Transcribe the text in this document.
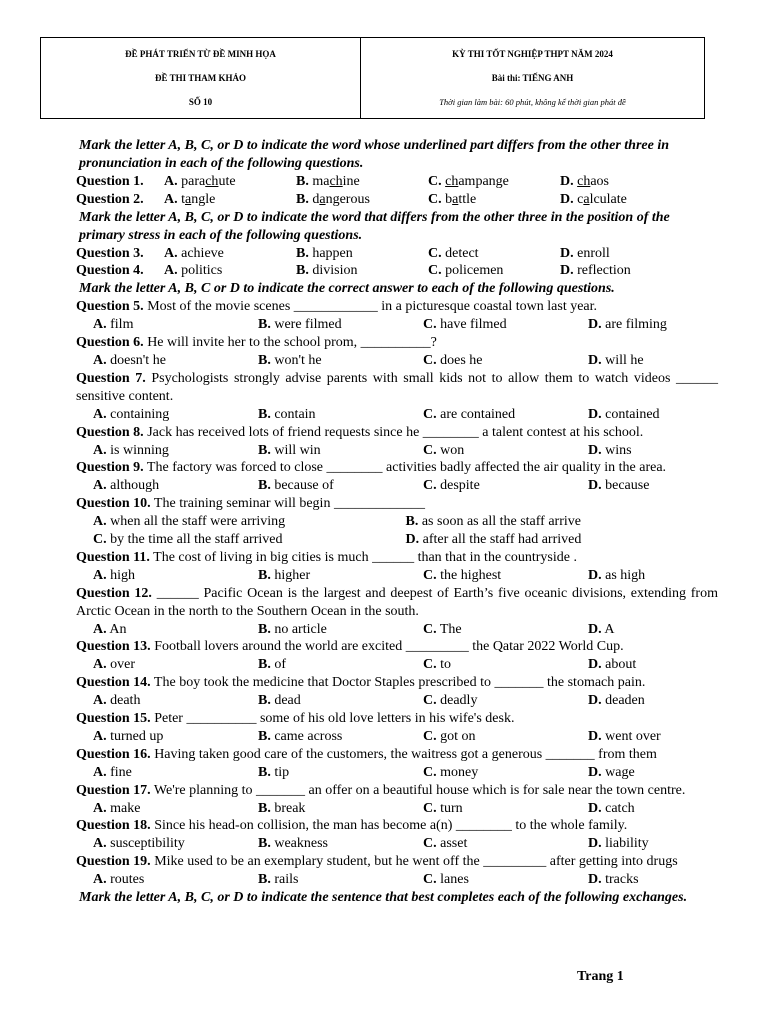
ĐỀ PHÁT TRIỂN TỪ ĐỀ MINH HỌA
ĐỀ THI THAM KHẢO
SỐ 10
KỲ THI TỐT NGHIỆP THPT NĂM 2024
Bài thi: TIẾNG ANH
Thời gian làm bài: 60 phút, không kể thời gian phát đề
Mark the letter A, B, C, or D to indicate the word whose underlined part differs from the other three in pronunciation in each of the following questions.
Question 1.	A. parachute	B. machine	C. champange	D. chaos
Question 2.	A. tangle	B. dangerous	C. battle	D. calculate
Mark the letter A, B, C, or D to indicate the word that differs from the other three in the position of the primary stress in each of the following questions.
Question 3.	A. achieve	B. happen	C. detect	D. enroll
Question 4.	A. politics	B. division	C. policemen	D. reflection
Mark the letter A, B, C or D to indicate the correct answer to each of the following questions.
Question 5. Most of the movie scenes ____________ in a picturesque coastal town last year.
A. film	B. were filmed	C. have filmed	D. are filming
Question 6. He will invite her to the school prom, __________?
A. doesn't he	B. won't he	C. does he	D. will he
Question 7. Psychologists strongly advise parents with small kids not to allow them to watch videos ______ sensitive content.
A. containing	B. contain	C. are contained	D. contained
Question 8. Jack has received lots of friend requests since he ________ a talent contest at his school.
A. is winning	B. will win	C. won	D. wins
Question 9. The factory was forced to close ________ activities badly affected the air quality in the area.
A. although	B. because of	C. despite	D. because
Question 10. The training seminar will begin _____________
A. when all the staff were arriving	B. as soon as all the staff arrive
C. by the time all the staff arrived	D. after all the staff had arrived
Question 11. The cost of living in big cities is much ______ than that in the countryside .
A. high	B. higher	C. the highest	D. as high
Question 12. ______ Pacific Ocean is the largest and deepest of Earth’s five oceanic divisions, extending from Arctic Ocean in the north to the Southern Ocean in the south.
A. An	B. no article	C. The	D. A
Question 13. Football lovers around the world are excited _________ the Qatar 2022 World Cup.
A. over	B. of	C. to	D. about
Question 14. The boy took the medicine that Doctor Staples prescribed to _______ the stomach pain.
A. death	B. dead	C. deadly	D. deaden
Question 15. Peter __________ some of his old love letters in his wife's desk.
A. turned up	B. came across	C. got on	D. went over
Question 16. Having taken good care of the customers, the waitress got a generous _______ from them
A. fine	B. tip	C. money	D. wage
Question 17. We're planning to _______ an offer on a beautiful house which is for sale near the town centre.
A. make	B. break	C. turn	D. catch
Question 18. Since his head-on collision, the man has become a(n) ________ to the whole family.
A. susceptibility	B. weakness	C. asset	D. liability
Question 19. Mike used to be an exemplary student, but he went off the _________ after getting into drugs
A. routes	B. rails	C. lanes	D. tracks
Mark the letter A, B, C, or D to indicate the sentence that best completes each of the following exchanges.
Trang 1
